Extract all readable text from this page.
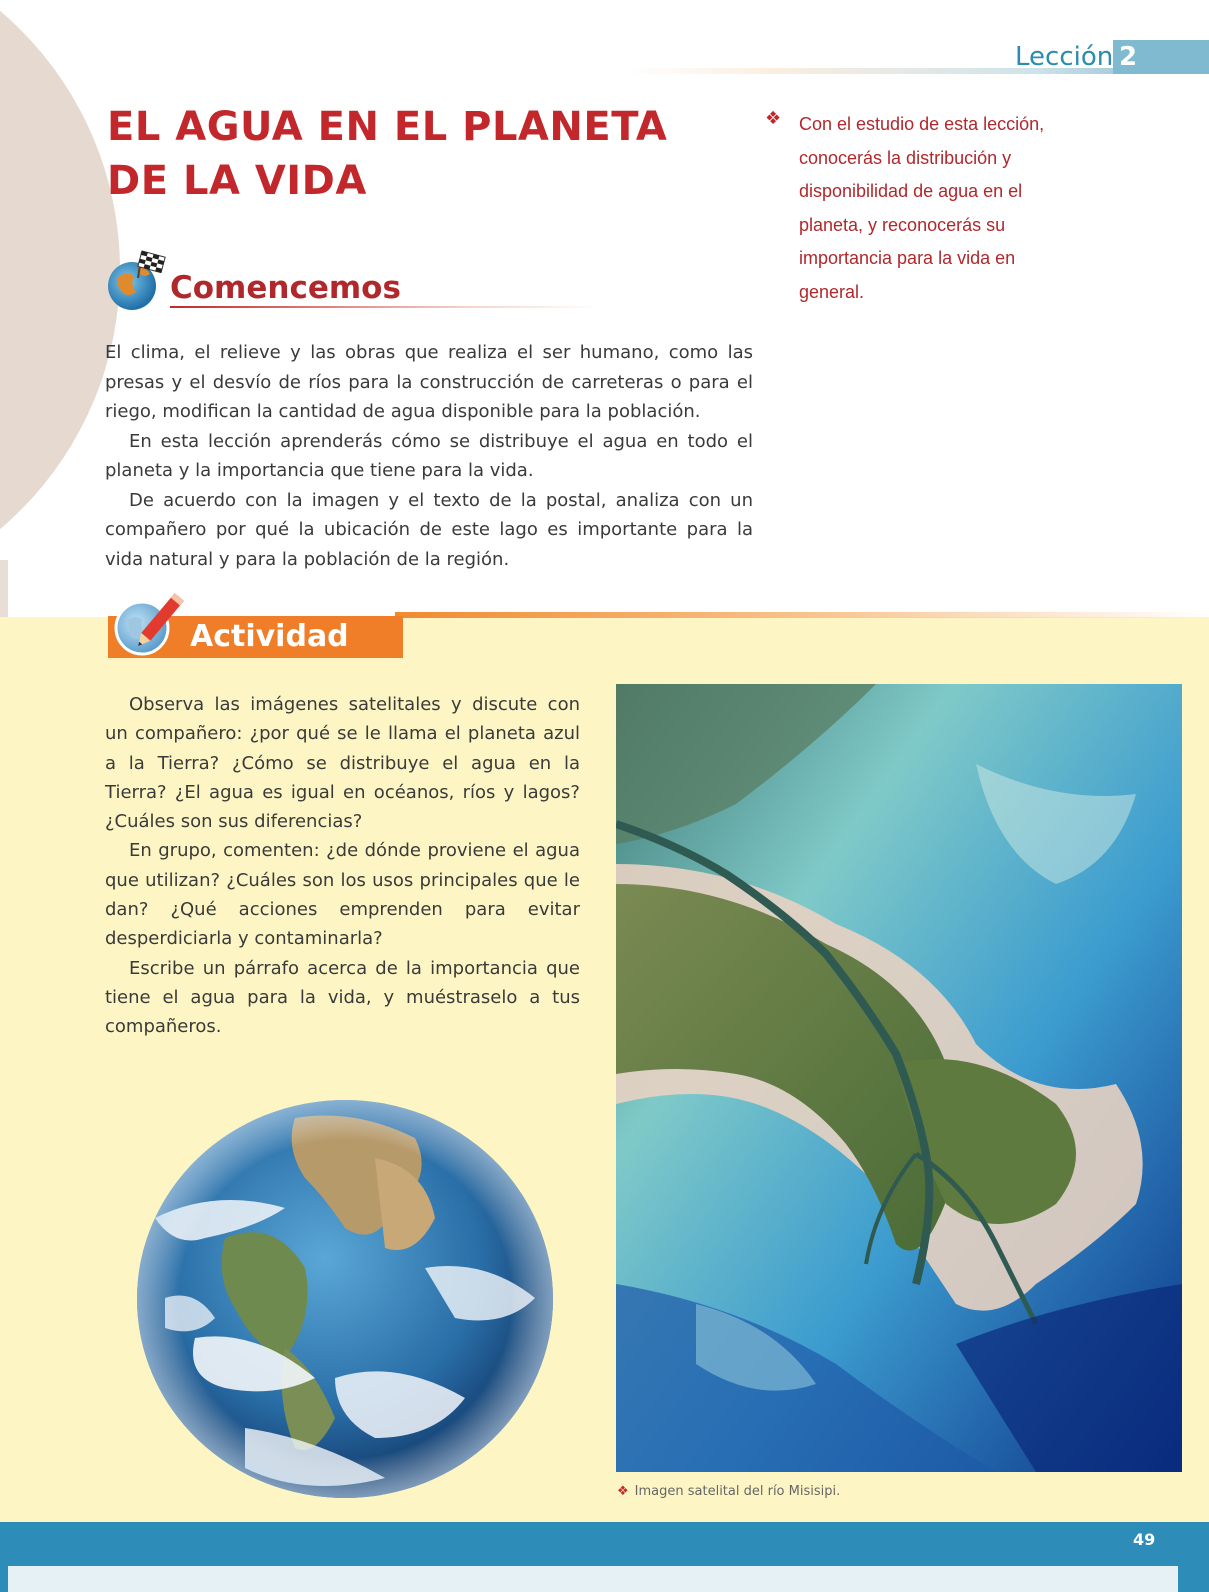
Lección 2
EL AGUA EN EL PLANETA
DE LA VIDA
❖ Con el estudio de esta lección, conocerás la distribución y disponibilidad de agua en el planeta, y reconocerás su importancia para la vida en general.
Comencemos

El clima, el relieve y las obras que realiza el ser humano, como las presas y el desvío de ríos para la construcción de carreteras o para el riego, modifican la cantidad de agua disponible para la población.

En esta lección aprenderás cómo se distribuye el agua en todo el planeta y la importancia que tiene para la vida.

De acuerdo con la imagen y el texto de la postal, analiza con un compañero por qué la ubicación de este lago es importante para la vida natural y para la población de la región.

Actividad

Observa las imágenes satelitales y discute con un compañero: ¿por qué se le llama el planeta azul a la Tierra? ¿Cómo se distribuye el agua en la Tierra? ¿El agua es igual en océanos, ríos y lagos? ¿Cuáles son sus diferencias?

En grupo, comenten: ¿de dónde proviene el agua que utilizan? ¿Cuáles son los usos principales que le dan? ¿Qué acciones emprenden para evitar desperdiciarla y contaminarla?

Escribe un párrafo acerca de la importancia que tiene el agua para la vida, y muéstraselo a tus compañeros.

❖ Imagen satelital del río Misisipi.
49
